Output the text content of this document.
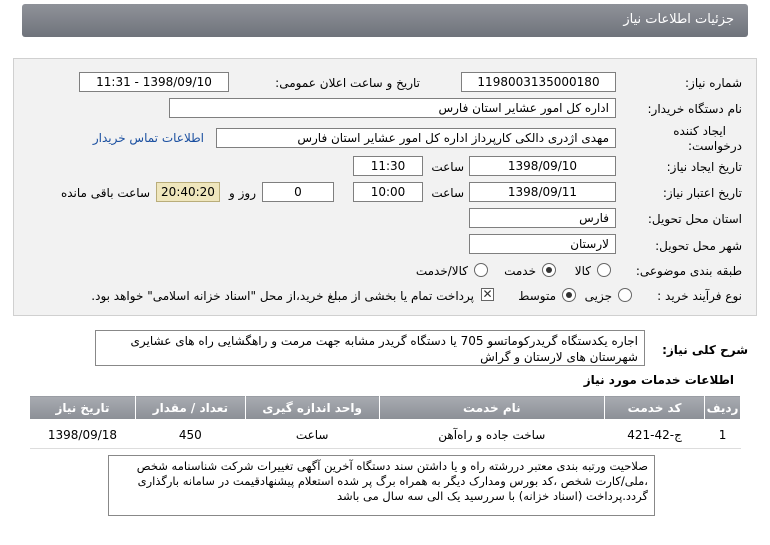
جزئیات اطلاعات نیاز
شماره نیاز:
1198003135000180
تاریخ و ساعت اعلان عمومی:
1398/09/10 - 11:31
نام دستگاه خریدار:
اداره کل امور عشایر استان فارس
ایجاد کننده
درخواست:
مهدی اژدری دالکی کارپرداز اداره کل امور عشایر استان فارس
اطلاعات تماس خریدار
تاریخ ایجاد نیاز:
1398/09/10
ساعت
11:30
تاریخ اعتبار نیاز:
1398/09/11
ساعت
10:00
0
روز و
20:40:20
ساعت باقی مانده
استان محل تحویل:
فارس
شهر محل تحویل:
لارستان
طبقه بندی موضوعی:
کالا
خدمت
کالا/خدمت
نوع فرآیند خرید :
جزیی
متوسط
✕
پرداخت تمام یا بخشی از مبلغ خرید،از محل "اسناد خزانه اسلامی" خواهد بود.
شرح کلی نیاز:
اجاره یکدستگاه گریدرکوماتسو 705 یا دستگاه گریدر مشابه جهت مرمت و راهگشایی راه های عشایری شهرستان های لارستان و گراش
اطلاعات خدمات مورد نیاز
ردیف	کد خدمت	نام خدمت	واحد اندازه گیری	تعداد / مقدار	تاریخ نیاز

1	ج-42-421	ساخت جاده و راه‌آهن	ساعت	450	1398/09/18
صلاحیت ورتبه بندی معتبر دررشته راه و یا داشتن سند دستگاه آخرین آگهی تغییرات شرکت شناسنامه شخص ،ملی/کارت شخص ،کد بورس ومدارک دیگر به همراه برگ پر شده استعلام پیشنهادقیمت در سامانه بارگذاری گردد.پرداخت (اسناد خزانه) با سررسید یک الی سه سال می باشد
